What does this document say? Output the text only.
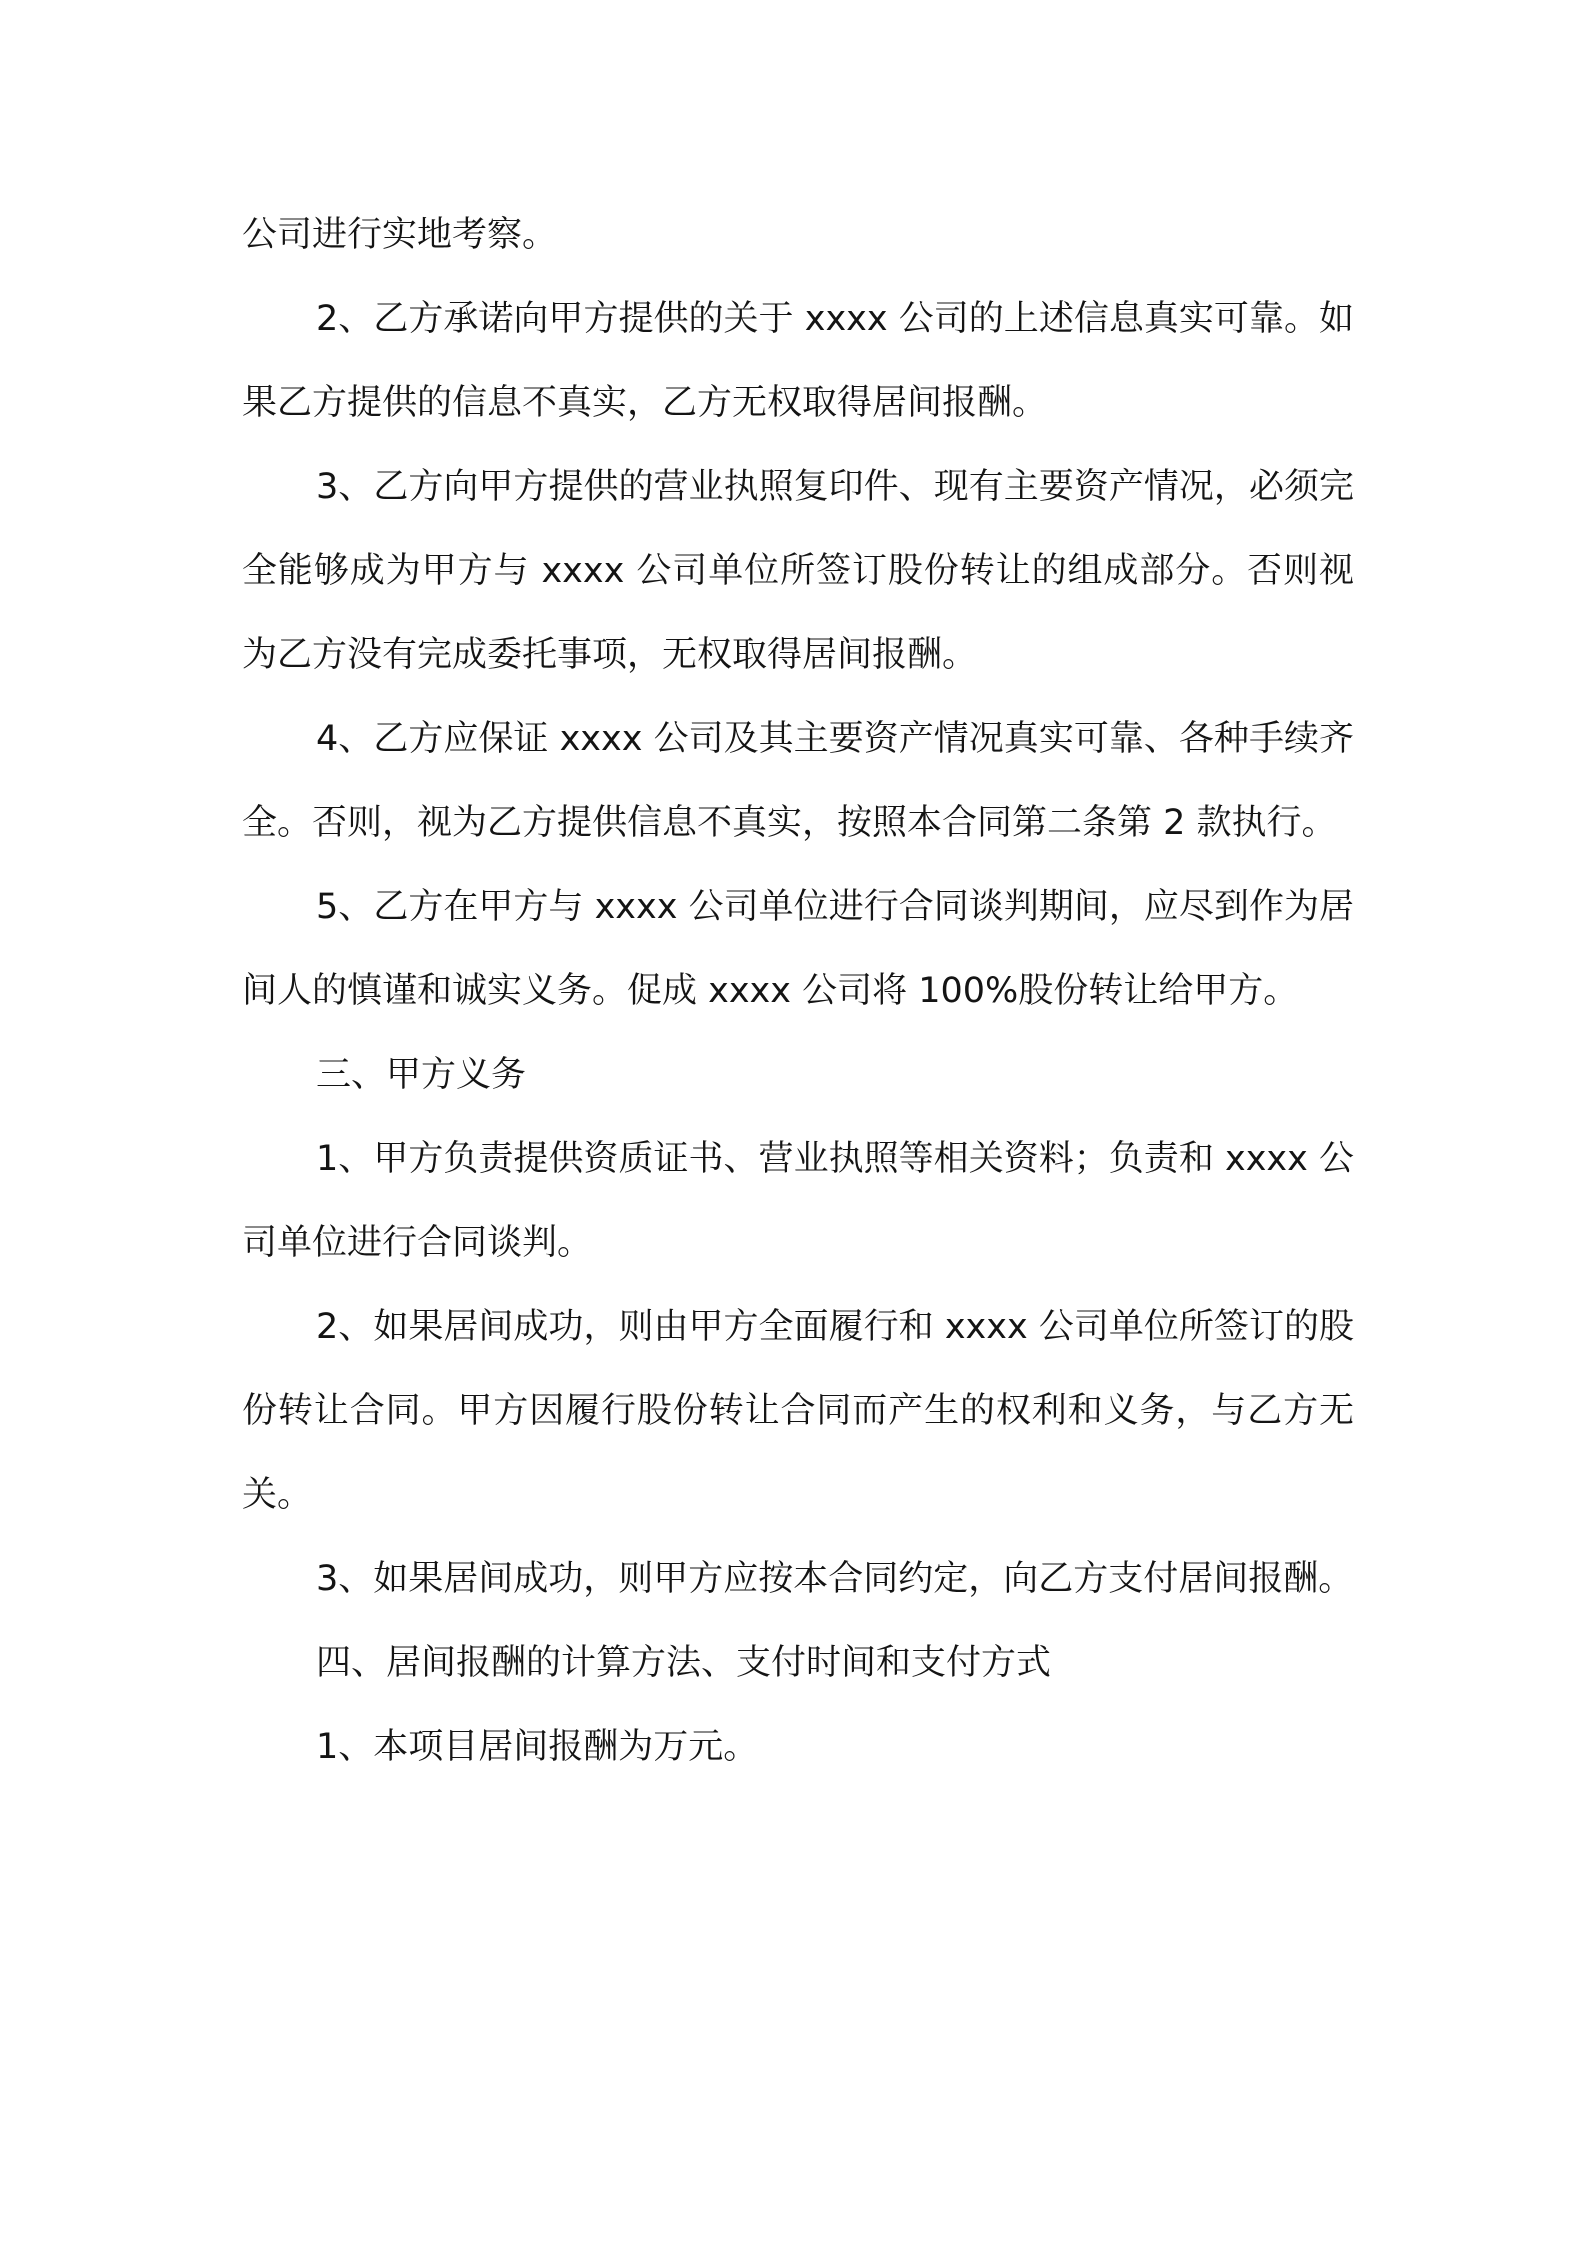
公司进行实地考察。

2、乙方承诺向甲方提供的关于 xxxx 公司的上述信息真实可靠。如果乙方提供的信息不真实，乙方无权取得居间报酬。

3、乙方向甲方提供的营业执照复印件、现有主要资产情况，必须完全能够成为甲方与 xxxx 公司单位所签订股份转让的组成部分。否则视为乙方没有完成委托事项，无权取得居间报酬。

4、乙方应保证 xxxx 公司及其主要资产情况真实可靠、各种手续齐全。否则，视为乙方提供信息不真实，按照本合同第二条第 2 款执行。

5、乙方在甲方与 xxxx 公司单位进行合同谈判期间，应尽到作为居间人的慎谨和诚实义务。促成 xxxx 公司将 100%股份转让给甲方。

三、甲方义务

1、甲方负责提供资质证书、营业执照等相关资料；负责和 xxxx 公司单位进行合同谈判。

2、如果居间成功，则由甲方全面履行和 xxxx 公司单位所签订的股份转让合同。甲方因履行股份转让合同而产生的权利和义务，与乙方无关。

3、如果居间成功，则甲方应按本合同约定，向乙方支付居间报酬。

四、居间报酬的计算方法、支付时间和支付方式

1、本项目居间报酬为万元。
